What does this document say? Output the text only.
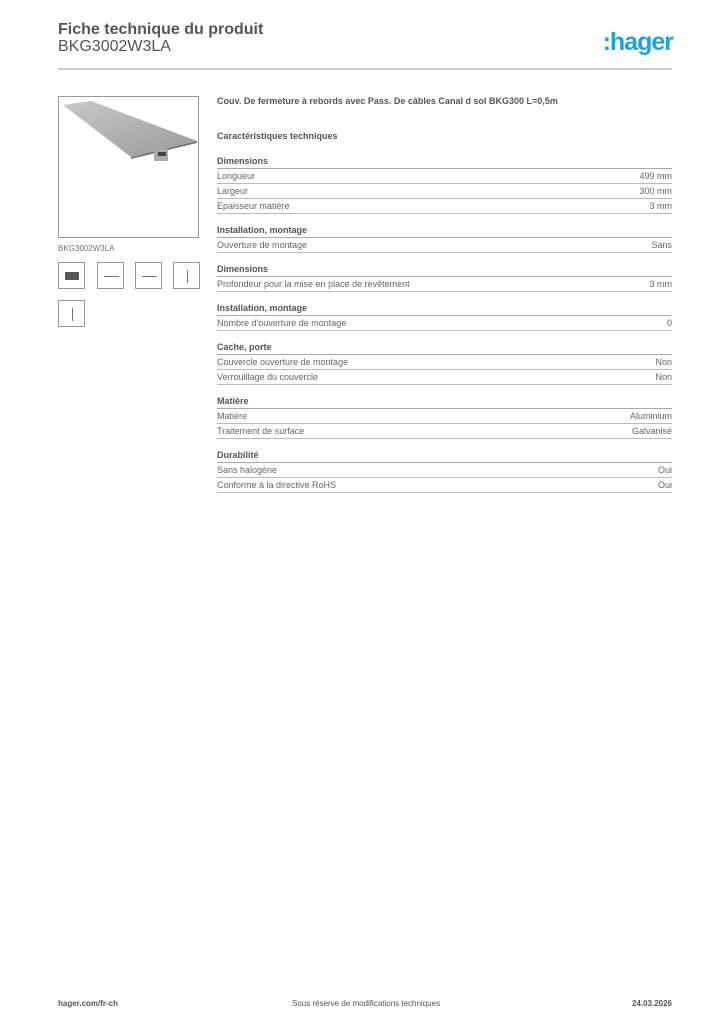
Fiche technique du produit
BKG3002W3LA	:hager
BKG3002W3LA
Couv. De fermeture à rebords avec Pass. De câbles Canal d sol BKG300 L=0,5m
Caractéristiques techniques
Dimensions
Longueur	499 mm
Largeur	300 mm
Epaisseur matière	3 mm
Installation, montage
Ouverture de montage	Sans
Dimensions
Profondeur pour la mise en place de revêtement	3 mm
Installation, montage
Nombre d'ouverture de montage	0
Cache, porte
Couvercle ouverture de montage	Non
Verrouillage du couvercle	Non
Matière
Matière	Aluminium
Traitement de surface	Galvanisé
Durabilité
Sans halogène	Oui
Conforme à la directive RoHS	Oui
hager.com/fr-ch	Sous réserve de modifications techniques	24.03.2026
